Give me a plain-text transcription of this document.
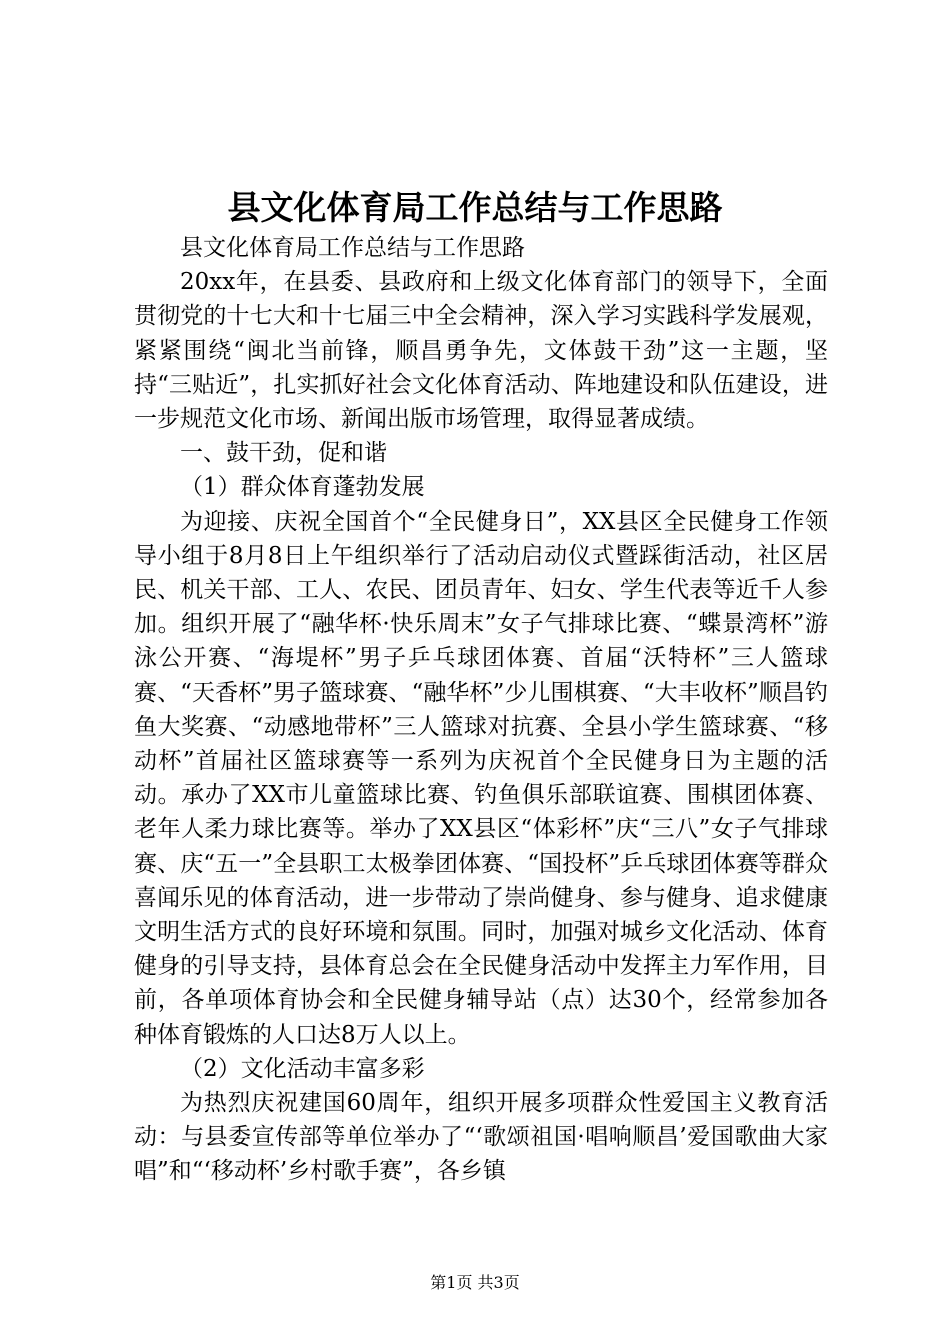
县文化体育局工作总结与工作思路

县文化体育局工作总结与工作思路

20xx年，在县委、县政府和上级文化体育部门的领导下，全面贯彻党的十七大和十七届三中全会精神，深入学习实践科学发展观，紧紧围绕“闽北当前锋，顺昌勇争先，文体鼓干劲”这一主题，坚持“三贴近”，扎实抓好社会文化体育活动、阵地建设和队伍建设，进一步规范文化市场、新闻出版市场管理，取得显著成绩。

一、鼓干劲，促和谐

（1）群众体育蓬勃发展

为迎接、庆祝全国首个“全民健身日”，XX县区全民健身工作领导小组于8月8日上午组织举行了活动启动仪式暨踩街活动，社区居民、机关干部、工人、农民、团员青年、妇女、学生代表等近千人参加。组织开展了“融华杯·快乐周末”女子气排球比赛、“蝶景湾杯”游泳公开赛、“海堤杯”男子乒乓球团体赛、首届“沃特杯”三人篮球赛、“天香杯”男子篮球赛、“融华杯”少儿围棋赛、“大丰收杯”顺昌钓鱼大奖赛、“动感地带杯”三人篮球对抗赛、全县小学生篮球赛、“移动杯”首届社区篮球赛等一系列为庆祝首个全民健身日为主题的活动。承办了XX市儿童篮球比赛、钓鱼俱乐部联谊赛、围棋团体赛、老年人柔力球比赛等。举办了XX县区“体彩杯”庆“三八”女子气排球赛、庆“五一”全县职工太极拳团体赛、“国投杯”乒乓球团体赛等群众喜闻乐见的体育活动，进一步带动了崇尚健身、参与健身、追求健康文明生活方式的良好环境和氛围。同时，加强对城乡文化活动、体育健身的引导支持，县体育总会在全民健身活动中发挥主力军作用，目前，各单项体育协会和全民健身辅导站（点）达30个，经常参加各种体育锻炼的人口达8万人以上。

（2）文化活动丰富多彩

为热烈庆祝建国60周年，组织开展多项群众性爱国主义教育活动：与县委宣传部等单位举办了“‘歌颂祖国·唱响顺昌’爱国歌曲大家唱”和“‘移动杯’乡村歌手赛”，各乡镇

第1页 共3页
